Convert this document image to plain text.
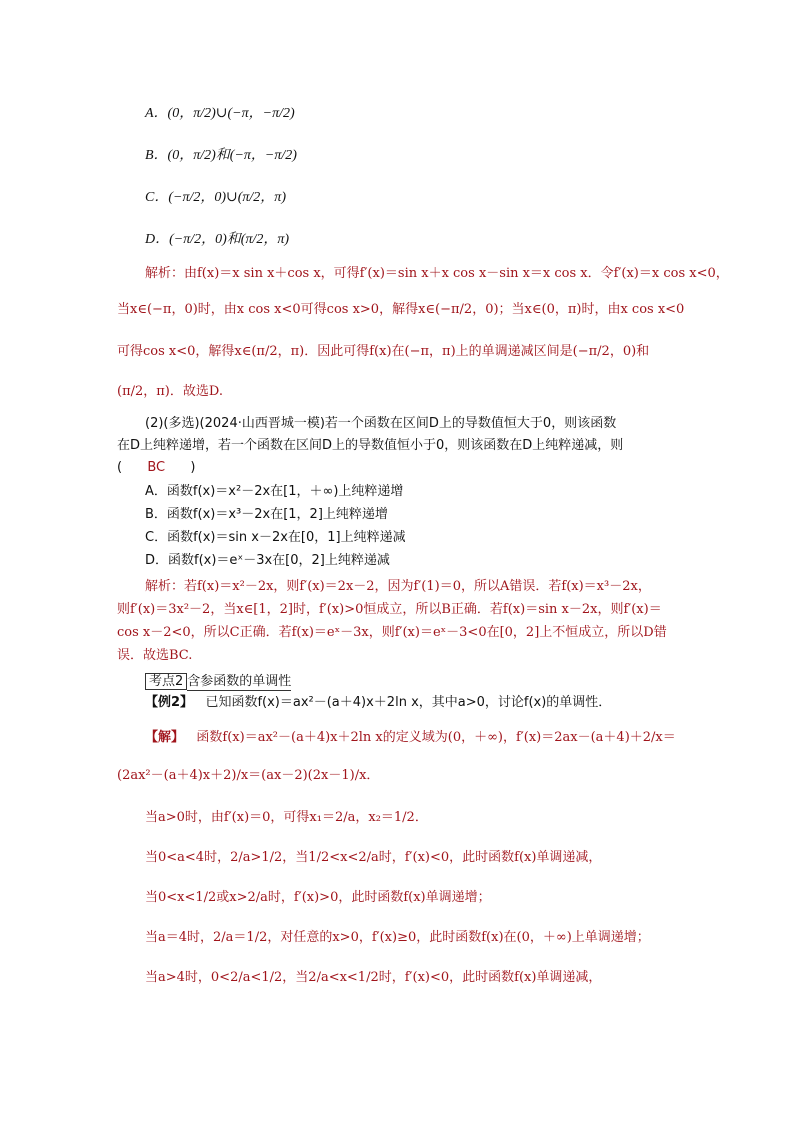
A．(0，π/2)∪(−π，−π/2)
B．(0，π/2)和(−π，−π/2)
C．(−π/2，0)∪(π/2，π)
D．(−π/2，0)和(π/2，π)
解析：由f(x)＝x sin x＋cos x，可得f′(x)＝sin x＋x cos x－sin x＝x cos x．令f′(x)＝x cos x<0，
当x∈(−π，0)时，由x cos x<0可得cos x>0，解得x∈(−π/2，0)；当x∈(0，π)时，由x cos x<0
可得cos x<0，解得x∈(π/2，π)．因此可得f(x)在(−π，π)上的单调递减区间是(−π/2，0)和
(π/2，π)．故选D.
(2)(多选)(2024·山西晋城一模)若一个函数在区间D上的导数值恒大于0，则该函数
在D上纯粹递增，若一个函数在区间D上的导数值恒小于0，则该函数在D上纯粹递减，则
( BC )
A．函数f(x)＝x²－2x在[1，＋∞)上纯粹递增
B．函数f(x)＝x³－2x在[1，2]上纯粹递增
C．函数f(x)＝sin x－2x在[0，1]上纯粹递减
D．函数f(x)＝eˣ－3x在[0，2]上纯粹递减
解析：若f(x)＝x²－2x，则f′(x)＝2x－2，因为f′(1)＝0，所以A错误．若f(x)＝x³－2x，
则f′(x)＝3x²－2，当x∈[1，2]时，f′(x)>0恒成立，所以B正确．若f(x)＝sin x－2x，则f′(x)＝
cos x－2<0，所以C正确．若f(x)＝eˣ－3x，则f′(x)＝eˣ－3<0在[0，2]上不恒成立，所以D错
误．故选BC.
考点2 含参函数的单调性
【例2】 已知函数f(x)＝ax²－(a＋4)x＋2ln x，其中a>0，讨论f(x)的单调性．
【解】 函数f(x)＝ax²－(a＋4)x＋2ln x的定义域为(0，＋∞)，f′(x)＝2ax－(a＋4)＋2/x＝
(2ax²－(a＋4)x＋2)/x＝(ax－2)(2x－1)/x．
当a>0时，由f′(x)＝0，可得x₁＝2/a，x₂＝1/2．
当0<a<4时，2/a>1/2，当1/2<x<2/a时，f′(x)<0，此时函数f(x)单调递减，
当0<x<1/2或x>2/a时，f′(x)>0，此时函数f(x)单调递增；
当a＝4时，2/a＝1/2，对任意的x>0，f′(x)≥0，此时函数f(x)在(0，＋∞)上单调递增；
当a>4时，0<2/a<1/2，当2/a<x<1/2时，f′(x)<0，此时函数f(x)单调递减，
